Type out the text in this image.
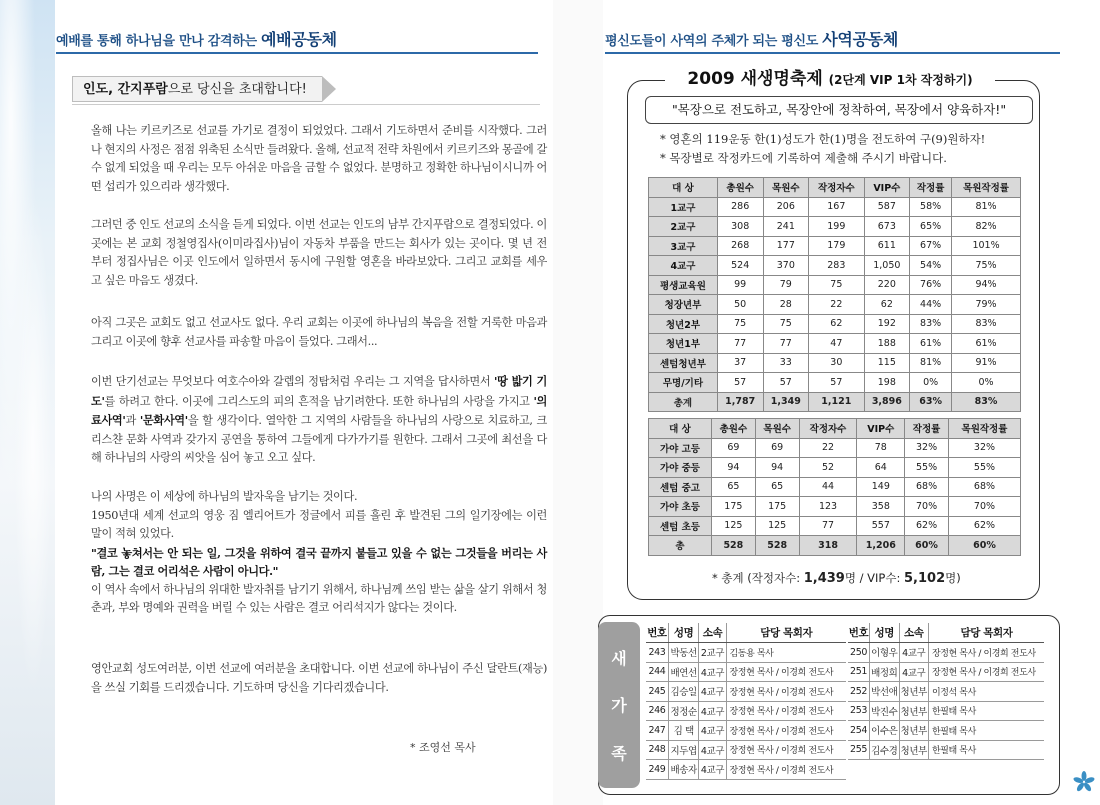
예배를 통해 하나님을 만나 감격하는 예배공동체
인도, 간지푸람으로 당신을 초대합니다!
올해 나는 키르키즈로 선교를 가기로 결정이 되었었다. 그래서 기도하면서 준비를 시작했다. 그러나 현지의 사정은 점점 위축된 소식만 들려왔다. 올해, 선교적 전략 차원에서 키르키즈와 몽골에 갈 수 없게 되었을 때 우리는 모두 아쉬운 마음을 금할 수 없었다. 분명하고 정확한 하나님이시니까 어떤 섭리가 있으리라 생각했다.
그러던 중 인도 선교의 소식을 듣게 되었다. 이번 선교는 인도의 남부 간지푸람으로 결정되었다. 이곳에는 본 교회 정철영집사(이미라집사)님이 자동차 부품을 만드는 회사가 있는 곳이다. 몇 년 전부터 정집사님은 이곳 인도에서 일하면서 동시에 구원할 영혼을 바라보았다. 그리고 교회를 세우고 싶은 마음도 생겼다.
아직 그곳은 교회도 없고 선교사도 없다. 우리 교회는 이곳에 하나님의 복음을 전할 거룩한 마음과 그리고 이곳에 향후 선교사를 파송할 마음이 들었다. 그래서...
이번 단기선교는 무엇보다 여호수아와 갈렙의 정탐처럼 우리는 그 지역을 답사하면서 '땅 밟기 기도'를 하려고 한다. 이곳에 그리스도의 피의 흔적을 남기려한다. 또한 하나님의 사랑을 가지고 '의료사역'과 '문화사역'을 할 생각이다. 열악한 그 지역의 사람들을 하나님의 사랑으로 치료하고, 크리스챤 문화 사역과 갖가지 공연을 통하여 그들에게 다가가기를 원한다. 그래서 그곳에 최선을 다해 하나님의 사랑의 씨앗을 심어 놓고 오고 싶다.
나의 사명은 이 세상에 하나님의 발자욱을 남기는 것이다.
1950년대 세계 선교의 영웅 짐 엘리어트가 정글에서 피를 흘린 후 발견된 그의 일기장에는 이런 말이 적혀 있었다.
"결코 놓쳐서는 안 되는 일, 그것을 위하여 결국 끝까지 붙들고 있을 수 없는 그것들을 버리는 사람, 그는 결코 어리석은 사람이 아니다."
이 역사 속에서 하나님의 위대한 발자취를 남기기 위해서, 하나님께 쓰임 받는 삶을 살기 위해서 청춘과, 부와 명예와 권력을 버릴 수 있는 사람은 결코 어리석지가 않다는 것이다.
영안교회 성도여러분, 이번 선교에 여러분을 초대합니다. 이번 선교에 하나님이 주신 달란트(재능)을 쓰실 기회를 드리겠습니다. 기도하며 당신을 기다리겠습니다.
* 조영선 목사
평신도들이 사역의 주체가 되는 평신도 사역공동체
2009 새생명축제 (2단계 VIP 1차 작정하기)
"목장으로 전도하고, 목장안에 정착하여, 목장에서 양육하자!"
* 영혼의 119운동 한(1)성도가 한(1)명을 전도하여 구(9)원하자!
* 목장별로 작정카드에 기록하여 제출해 주시기 바랍니다.
대 상	총원수	목원수	작정자수	VIP수	작정률	목원작정률
1교구	286	206	167	587	58%	81%
2교구	308	241	199	673	65%	82%
3교구	268	177	179	611	67%	101%
4교구	524	370	283	1,050	54%	75%
평생교육원	99	79	75	220	76%	94%
청장년부	50	28	22	62	44%	79%
청년2부	75	75	62	192	83%	83%
청년1부	77	77	47	188	61%	61%
센텀청년부	37	33	30	115	81%	91%
무명/기타	57	57	57	198	0%	0%
총계	1,787	1,349	1,121	3,896	63%	83%
대 상	총원수	목원수	작정자수	VIP수	작정률	목원작정률
가야 고등	69	69	22	78	32%	32%
가야 중등	94	94	52	64	55%	55%
센텀 중고	65	65	44	149	68%	68%
가야 초등	175	175	123	358	70%	70%
센텀 초등	125	125	77	557	62%	62%
총	528	528	318	1,206	60%	60%
* 총계 (작정자수: 1,439명 / VIP수: 5,102명)
새
가
족
번호	성명	소속	담당 목회자
243	박동선	2교구	김동용 목사
244	배연선	4교구	장정현 목사 / 이경희 전도사
245	김승일	4교구	장정현 목사 / 이경희 전도사
246	정정순	4교구	장정현 목사 / 이경희 전도사
247	김 택	4교구	장정현 목사 / 이경희 전도사
248	지두엽	4교구	장정현 목사 / 이경희 전도사
249	배송자	4교구	장정현 목사 / 이경희 전도사
번호	성명	소속	담당 목회자
250	이형우	4교구	장정현 목사 / 이경희 전도사
251	배정희	4교구	장정현 목사 / 이경희 전도사
252	박선애	청년부	이정석 목사
253	박진수	청년부	한필태 목사
254	이수은	청년부	한필태 목사
255	김수경	청년부	한필태 목사
